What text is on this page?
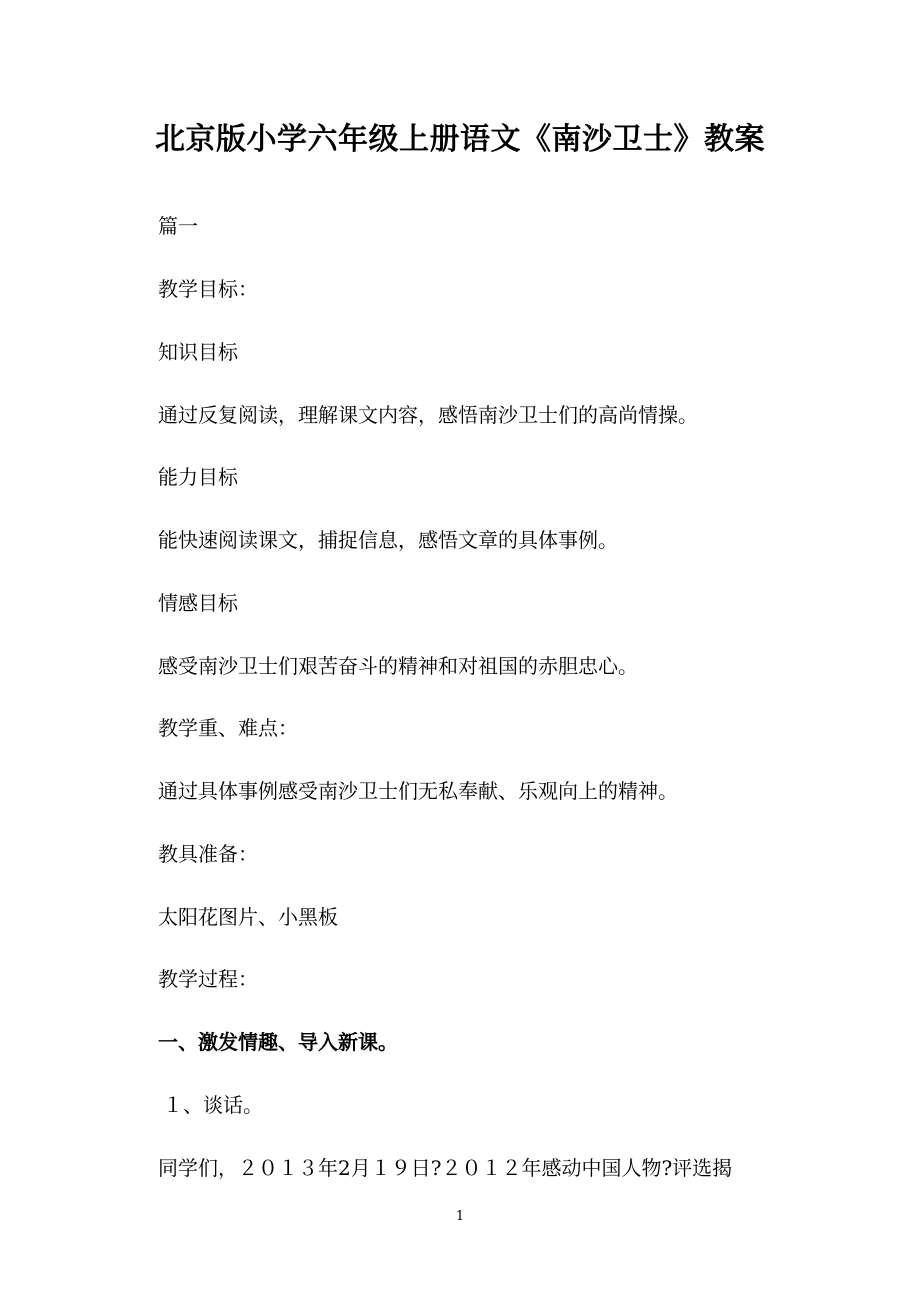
北京版小学六年级上册语文《南沙卫士》教案

篇一

教学目标：

知识目标

通过反复阅读，理解课文内容，感悟南沙卫士们的高尚情操。

能力目标

能快速阅读课文，捕捉信息，感悟文章的具体事例。

情感目标

感受南沙卫士们艰苦奋斗的精神和对祖国的赤胆忠心。

教学重、难点：

通过具体事例感受南沙卫士们无私奉献、乐观向上的精神。

教具准备：

太阳花图片、小黑板

教学过程：

一、激发情趣、导入新课。

１、谈话。

同学们，２０１３年2月１９日?２０１２年感动中国人物?评选揭

1
